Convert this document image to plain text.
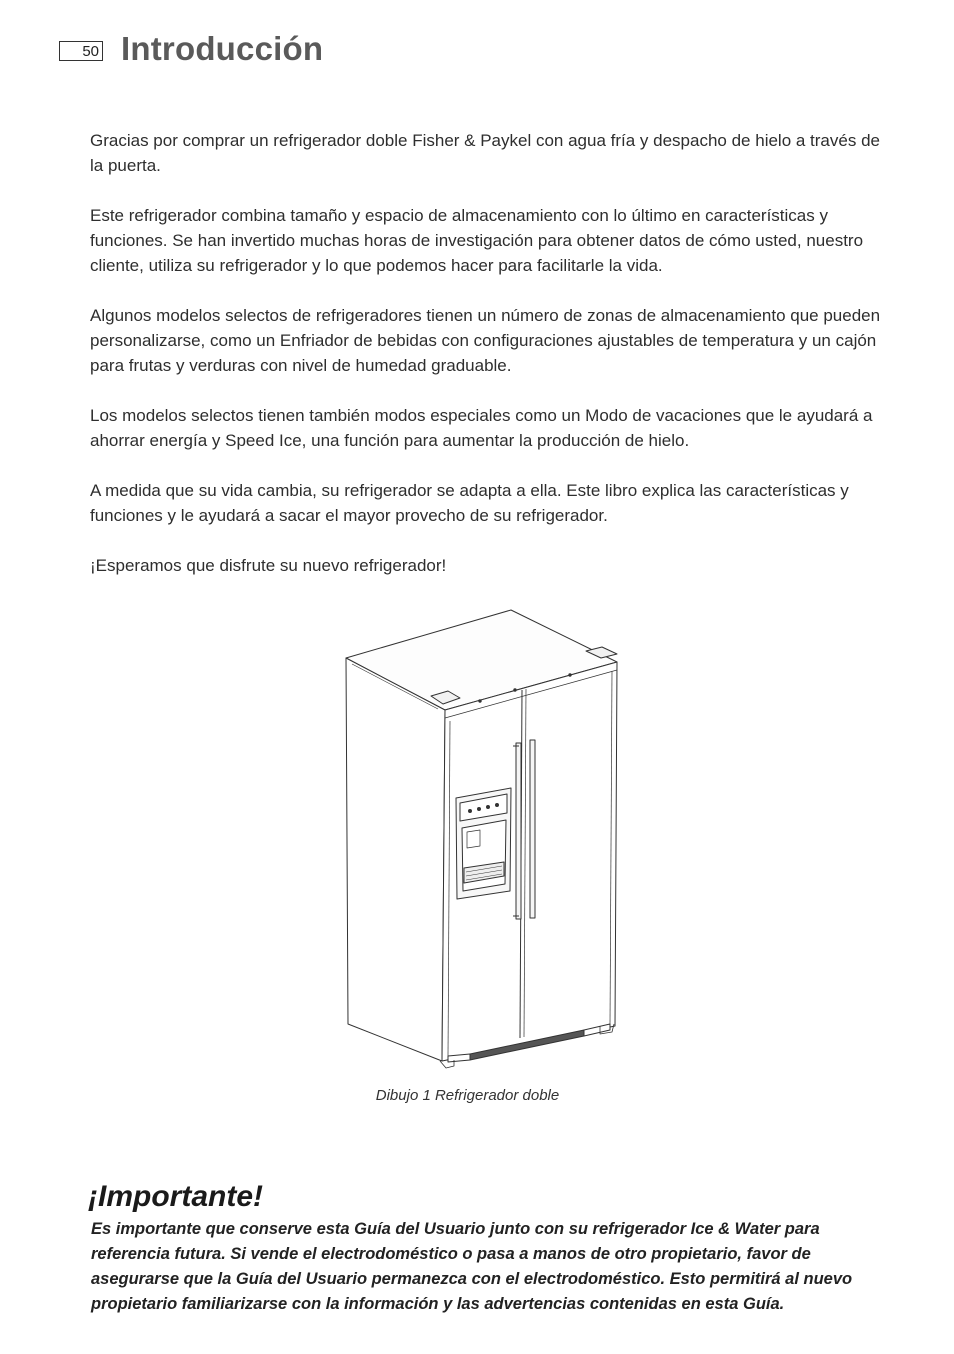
50 Introducción

Gracias por comprar un refrigerador doble Fisher & Paykel con agua fría y despacho de hielo a través de la puerta.

Este refrigerador combina tamaño y espacio de almacenamiento con lo último en características y funciones. Se han invertido muchas horas de investigación para obtener datos de cómo usted, nuestro cliente, utiliza su refrigerador y lo que podemos hacer para facilitarle la vida.

Algunos modelos selectos de refrigeradores tienen un número de zonas de almacenamiento que pueden personalizarse, como un Enfriador de bebidas con configuraciones ajustables de temperatura y un cajón para frutas y verduras con nivel de humedad graduable.

Los modelos selectos tienen también modos especiales como un Modo de vacaciones que le ayudará a ahorrar energía y Speed Ice, una función para aumentar la producción de hielo.

A medida que su vida cambia, su refrigerador se adapta a ella. Este libro explica las características y funciones y le ayudará a sacar el mayor provecho de su refrigerador.

¡Esperamos que disfrute su nuevo refrigerador!

Dibujo 1 Refrigerador doble
¡Importante!

Es importante que conserve esta Guía del Usuario junto con su refrigerador Ice & Water para referencia futura. Si vende el electrodoméstico o pasa a manos de otro propietario, favor de asegurarse que la Guía del Usuario permanezca con el electrodoméstico. Esto permitirá al nuevo propietario familiarizarse con la información y las advertencias contenidas en esta Guía.
